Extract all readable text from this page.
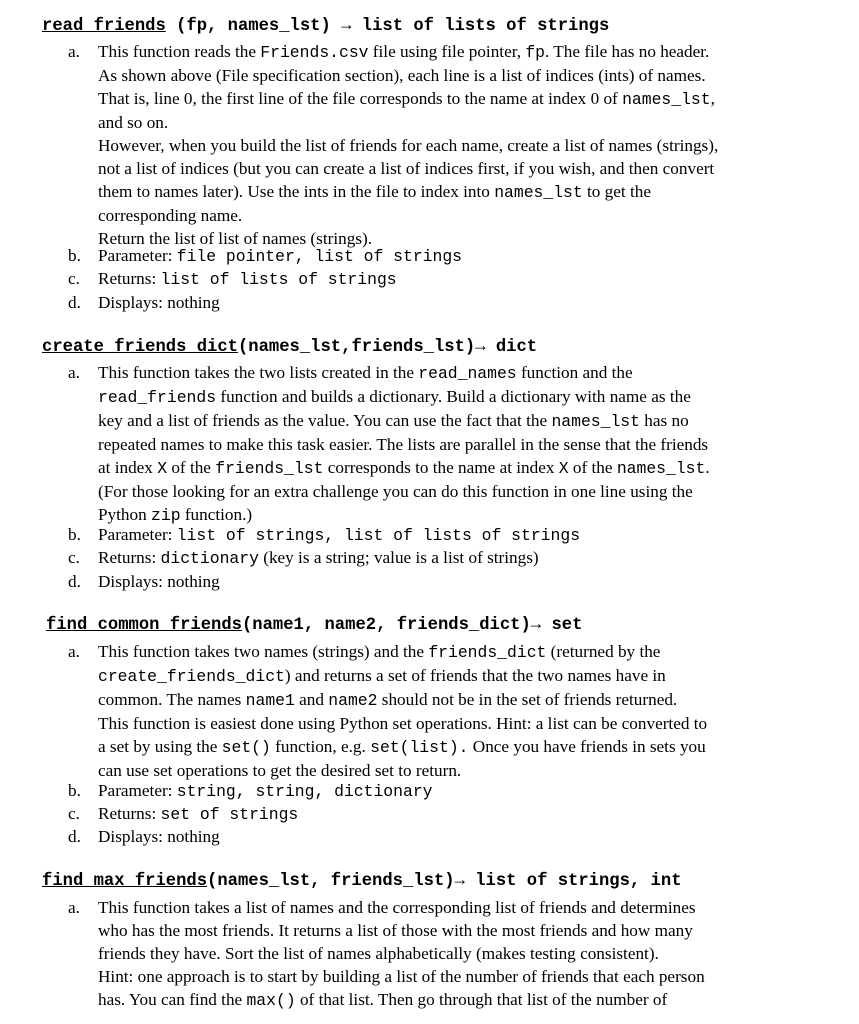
read_friends (fp, names_lst) → list of lists of strings
a. This function reads the Friends.csv file using file pointer, fp. The file has no header.
As shown above (File specification section), each line is a list of indices (ints) of names.
That is, line 0, the first line of the file corresponds to the name at index 0 of names_lst,
and so on.
However, when you build the list of friends for each name, create a list of names (strings),
not a list of indices (but you can create a list of indices first, if you wish, and then convert
them to names later). Use the ints in the file to index into names_lst to get the
corresponding name.
Return the list of list of names (strings).
b. Parameter: file pointer, list of strings
c. Returns: list of lists of strings
d. Displays: nothing
create_friends_dict(names_lst,friends_lst)→ dict
a. This function takes the two lists created in the read_names function and the
read_friends function and builds a dictionary. Build a dictionary with name as the
key and a list of friends as the value. You can use the fact that the names_lst has no
repeated names to make this task easier. The lists are parallel in the sense that the friends
at index X of the friends_lst corresponds to the name at index X of the names_lst.
(For those looking for an extra challenge you can do this function in one line using the
Python zip function.)
b. Parameter: list of strings, list of lists of strings
c. Returns: dictionary (key is a string; value is a list of strings)
d. Displays: nothing
find_common_friends(name1, name2, friends_dict)→ set
a. This function takes two names (strings) and the friends_dict (returned by the
create_friends_dict) and returns a set of friends that the two names have in
common. The names name1 and name2 should not be in the set of friends returned.
This function is easiest done using Python set operations. Hint: a list can be converted to
a set by using the set() function, e.g. set(list). Once you have friends in sets you
can use set operations to get the desired set to return.
b. Parameter: string, string, dictionary
c. Returns: set of strings
d. Displays: nothing
find_max_friends(names_lst, friends_lst)→ list of strings, int
a. This function takes a list of names and the corresponding list of friends and determines
who has the most friends. It returns a list of those with the most friends and how many
friends they have. Sort the list of names alphabetically (makes testing consistent).
Hint: one approach is to start by building a list of the number of friends that each person
has. You can find the max() of that list. Then go through that list of the number of
